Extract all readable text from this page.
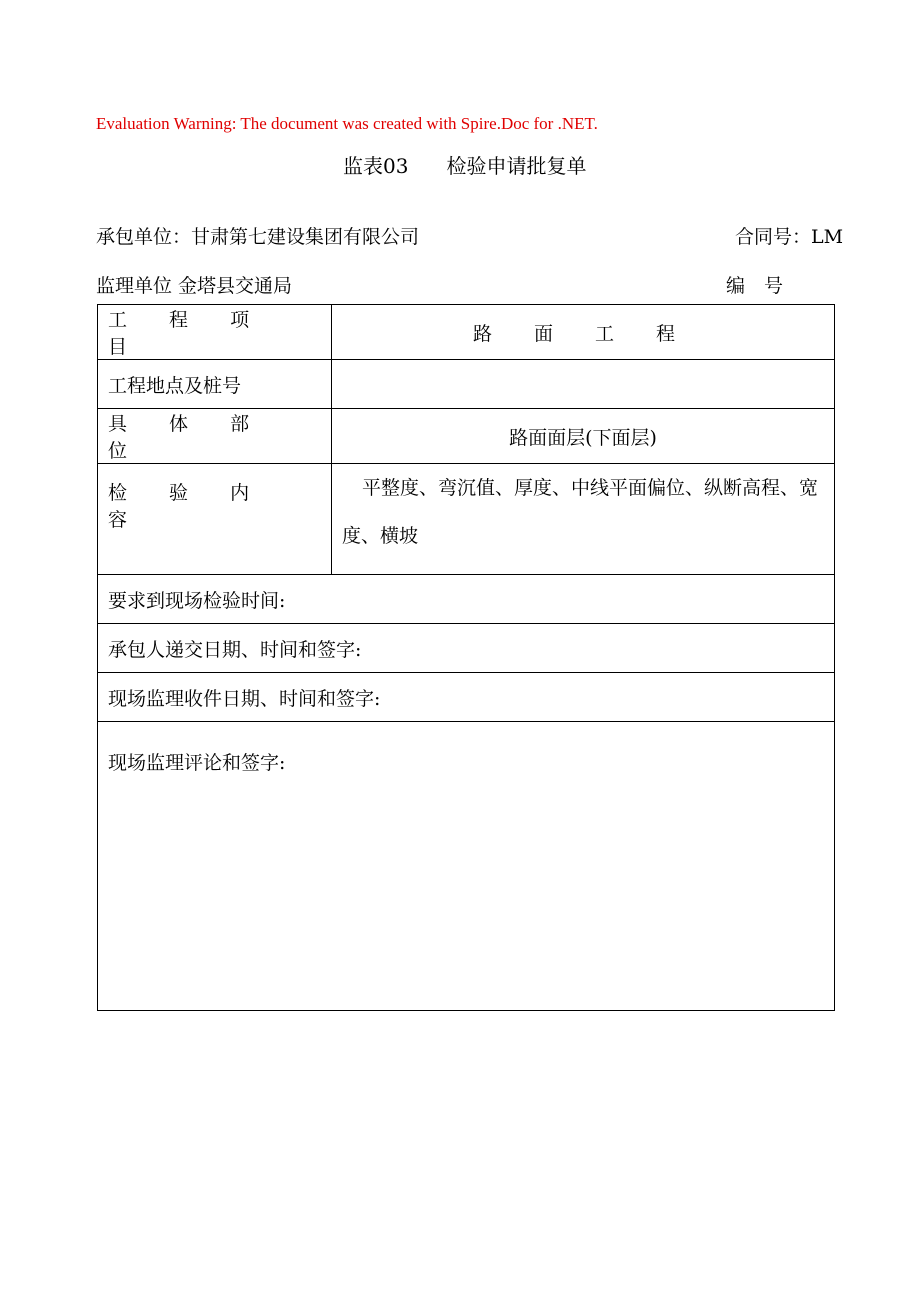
Evaluation Warning: The document was created with Spire.Doc for .NET.
监表03 检验申请批复单
承包单位：甘肃第七建设集团有限公司	合同号：LM
监理单位 金塔县交通局	编　号
工 程 项 目	路 面 工 程
工程地点及桩号	
具 体 部 位	路面面层(下面层)
检 验 内 容	平整度、弯沉值、厚度、中线平面偏位、纵断高程、宽度、横坡
要求到现场检验时间:	
承包人递交日期、时间和签字:	
现场监理收件日期、时间和签字:	
现场监理评论和签字:	
